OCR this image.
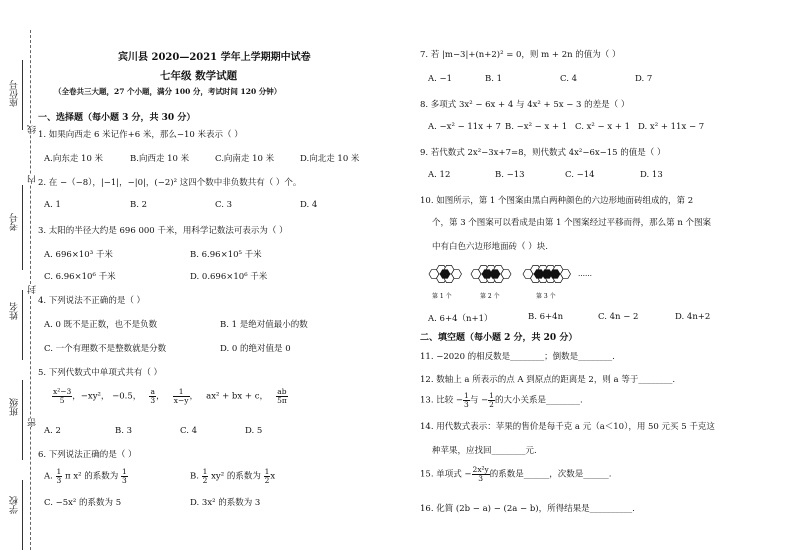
座位号
考号
姓名
班级
学校
线
封
密
内
宾川县 2020—2021 学年上学期期中试卷
七年级 数学试题
（全卷共三大题，27 个小题，满分 100 分，考试时间 120 分钟）
一、选择题（每小题 3 分，共 30 分）
1. 如果向西走 6 米记作+6 米，那么−10 米表示（ ）
A.向东走 10 米	B.向西走 10 米	C.向南走 10 米	D.向北走 10 米
2. 在 −（−8），|−1|，−|0|，(−2)² 这四个数中非负数共有（ ）个。
A. 1	B. 2	C. 3	D. 4
3. 太阳的半径大约是 696 000 千米，用科学记数法可表示为（ ）
A. 696×10³ 千米	B. 6.96×10⁵ 千米
C. 6.96×10⁶ 千米	D. 0.696×10⁶ 千米
4. 下列说法不正确的是（ ）
A. 0 既不是正数，也不是负数	B. 1 是绝对值最小的数
C. 一个有理数不是整数就是分数	D. 0 的绝对值是 0
5. 下列代数式中单项式共有（ ）
$\frac{\text{x²−3}}{5}$ ，−xy²， −0.5， $\frac{a}{3}$ ， $\frac{1}{x-y}$ ，   ax² + bx + c， $\frac{ab}{5\pi}$
A. 2	B. 3	C. 4	D. 5
6. 下列说法正确的是（ ）
A. $\frac{1}{3}$ π x² 的系数为 $\frac{1}{3}$	B. $\frac{1}{2} xy^2$ 的系数为 $\frac{1}{2}$ x
C. −5x² 的系数为 5	D. 3x² 的系数为 3
7. 若 |m−3|+(n+2)² = 0，则 m + 2n 的值为（ ）
A. −1	B. 1	C. 4	D. 7
8. 多项式 3x² − 6x + 4 与 4x² + 5x − 3 的差是（ ）
A. −x² − 11x + 7 B. −x² − x + 1 C. x² − x + 1 D. x² + 11x − 7
9. 若代数式 2x²−3x+7=8，则代数式 4x²−6x−15 的值是（ ）
A. 12	B. −13	C. −14	D. 13
10. 如图所示，第 1 个图案由黑白两种颜色的六边形地面砖组成的，第 2
个，第 3 个图案可以看成是由第 1 个图案经过平移而得，那么第 n 个图案
中有白色六边形地面砖（ ）块.
第 1 个	第 2 个	第 3 个
……
A. 6+4（n+1）	B. 6+4n	C. 4n − 2	D. 4n+2
二、填空题（每小题 2 分，共 20 分）
11. −2020 的相反数是________；倒数是________.
12. 数轴上 a 所表示的点 A 到原点的距离是 2，则 a 等于________.
13. 比较 − $\frac{1}{3}$ 与 − $\frac{1}{2}$ 的大小关系是________.
14. 用代数式表示：苹果的售价是每千克 a 元（a＜10），用 50 元买 5 千克这
种苹果，应找回________元.
15. 单项式 − $\frac{\text{2x²y}}{3}$ 的系数是______，次数是______.
16. 化简 (2b − a) − (2a − b)，所得结果是__________.
